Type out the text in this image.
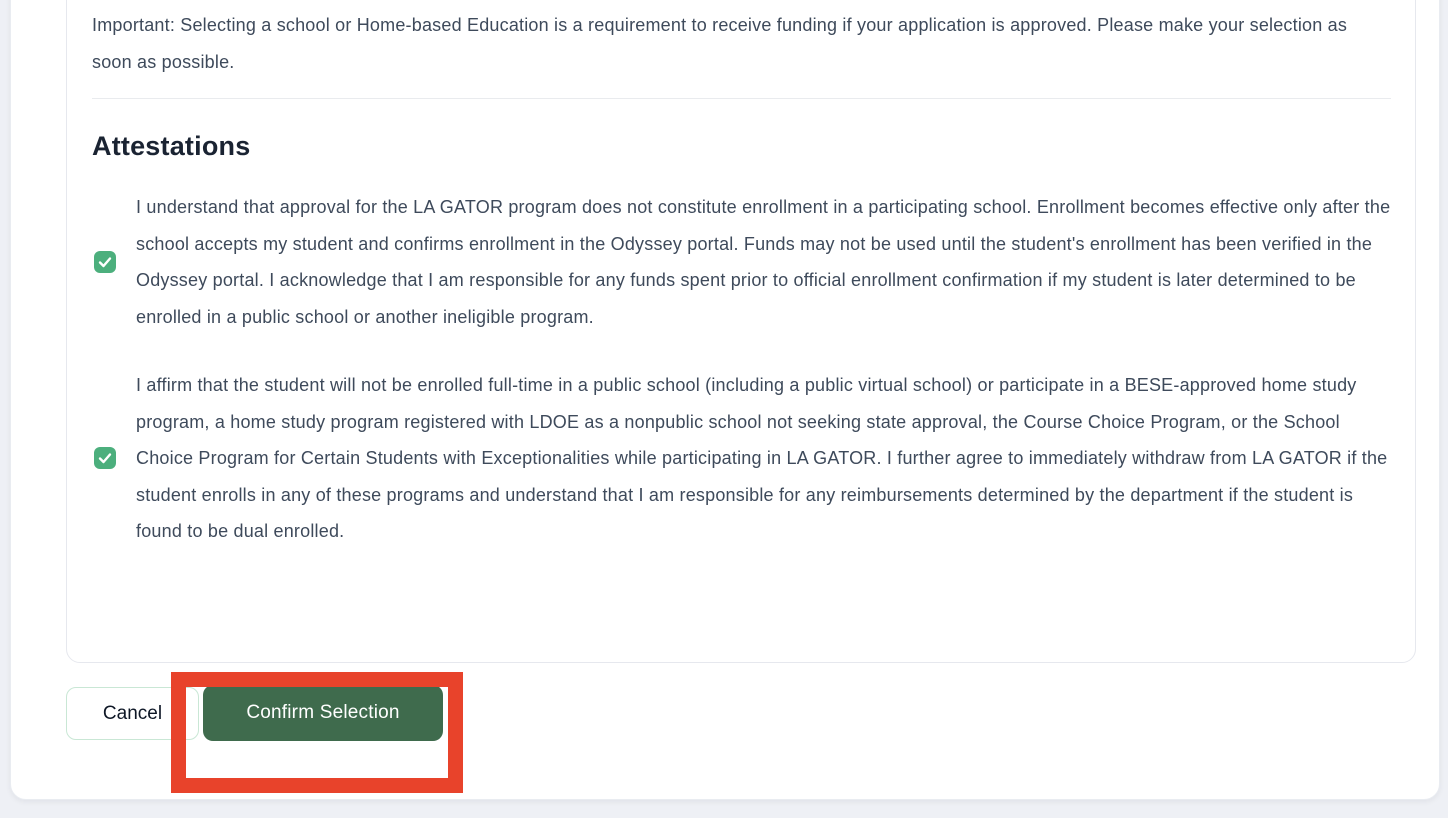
Important: Selecting a school or Home-based Education is a requirement to receive funding if your application is approved. Please make your selection as soon as possible.
Attestations
I understand that approval for the LA GATOR program does not constitute enrollment in a participating school. Enrollment becomes effective only after the school accepts my student and confirms enrollment in the Odyssey portal. Funds may not be used until the student's enrollment has been verified in the Odyssey portal. I acknowledge that I am responsible for any funds spent prior to official enrollment confirmation if my student is later determined to be enrolled in a public school or another ineligible program.
I affirm that the student will not be enrolled full-time in a public school (including a public virtual school) or participate in a BESE-approved home study program, a home study program registered with LDOE as a nonpublic school not seeking state approval, the Course Choice Program, or the School Choice Program for Certain Students with Exceptionalities while participating in LA GATOR. I further agree to immediately withdraw from LA GATOR if the student enrolls in any of these programs and understand that I am responsible for any reimbursements determined by the department if the student is found to be dual enrolled.
Cancel	Confirm Selection
